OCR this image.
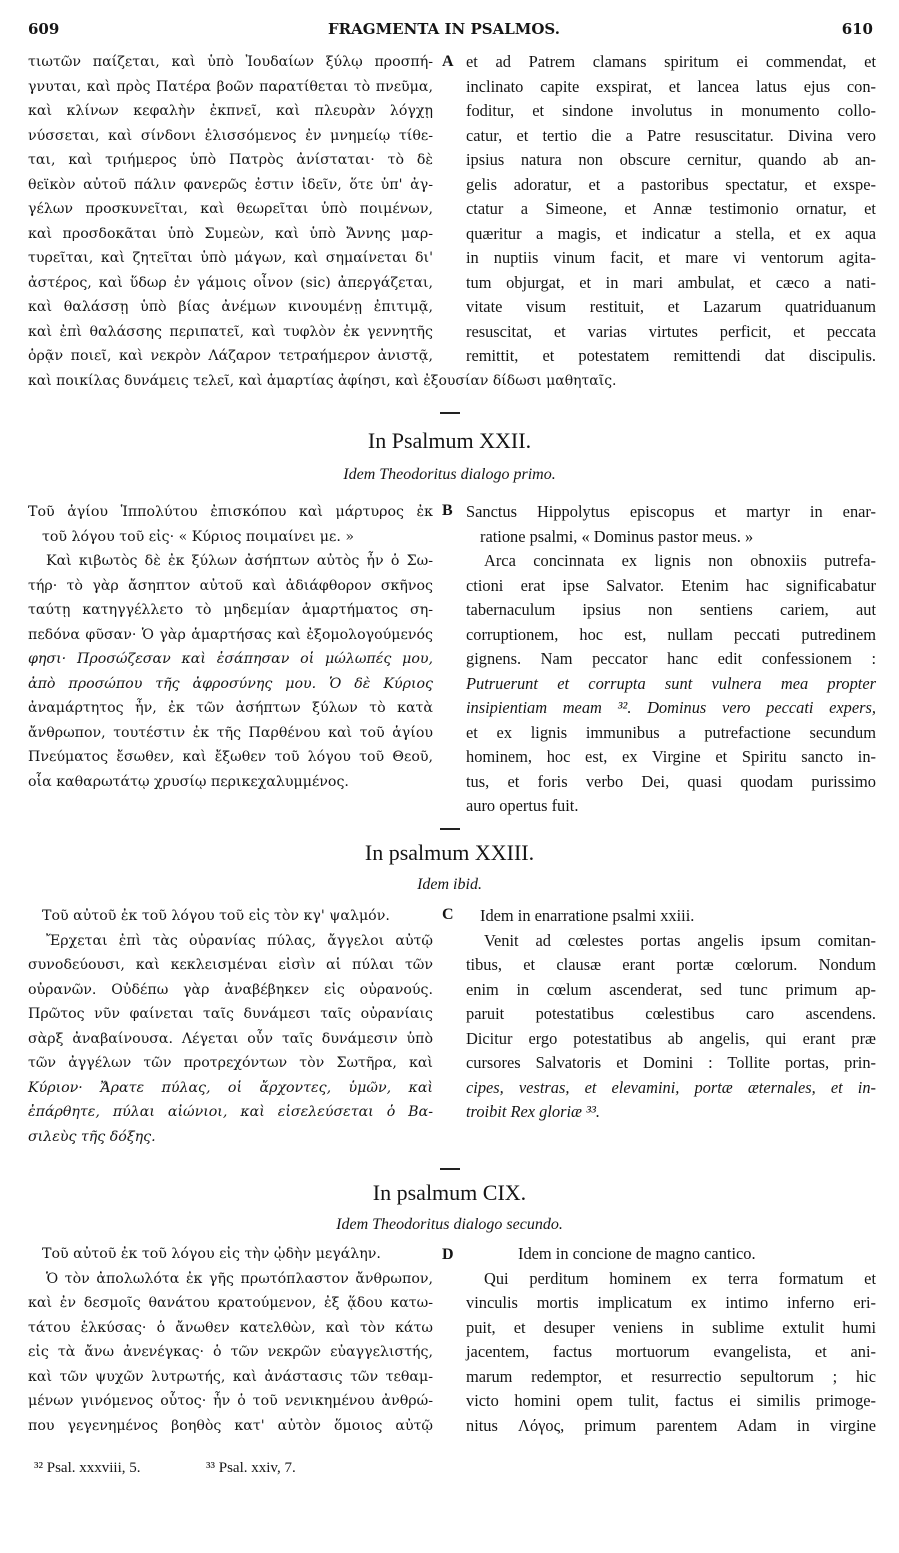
609	FRAGMENTA IN PSALMOS.	610
τιωτῶν παίζεται, καὶ ὑπὸ Ἰουδαίων ξύλῳ προσπή-
γνυται, καὶ πρὸς Πατέρα βοῶν παρατίθεται τὸ πνεῦμα,
καὶ κλίνων κεφαλὴν ἐκπνεῖ, καὶ πλευρὰν λόγχῃ
νύσσεται, καὶ σίνδονι ἑλισσόμενος ἐν μνημείῳ τίθε-
ται, καὶ τριήμερος ὑπὸ Πατρὸς ἀνίσταται· τὸ δὲ
θεϊκὸν αὐτοῦ πάλιν φανερῶς ἐστιν ἰδεῖν, ὅτε ὑπ' ἀγ-
γέλων προσκυνεῖται, καὶ θεωρεῖται ὑπὸ ποιμένων,
καὶ προσδοκᾶται ὑπὸ Συμεὼν, καὶ ὑπὸ Ἄννης μαρ-
τυρεῖται, καὶ ζητεῖται ὑπὸ μάγων, καὶ σημαίνεται δι'
ἀστέρος, καὶ ὕδωρ ἐν γάμοις οἶνον (sic) ἀπεργάζεται,
καὶ θαλάσσῃ ὑπὸ βίας ἀνέμων κινουμένῃ ἐπιτιμᾷ,
καὶ ἐπὶ θαλάσσης περιπατεῖ, καὶ τυφλὸν ἐκ γεννητῆς
ὁρᾷν ποιεῖ, καὶ νεκρὸν Λάζαρον τετραήμερον ἀνιστᾷ,
καὶ ποικίλας δυνάμεις τελεῖ, καὶ ἁμαρτίας ἀφίησι, καὶ ἐξουσίαν δίδωσι μαθηταῖς.
A et ad Patrem clamans spiritum ei commendat, et
inclinato capite exspirat, et lancea latus ejus con-
foditur, et sindone involutus in monumento collo-
catur, et tertio die a Patre resuscitatur. Divina vero
ipsius natura non obscure cernitur, quando ab an-
gelis adoratur, et a pastoribus spectatur, et exspe-
ctatur a Simeone, et Annæ testimonio ornatur, et
quæritur a magis, et indicatur a stella, et ex aqua
in nuptiis vinum facit, et mare vi ventorum agita-
tum objurgat, et in mari ambulat, et cæco a nati-
vitate visum restituit, et Lazarum quatriduanum
resuscitat, et varias virtutes perficit, et peccata
remittit, et potestatem remittendi dat discipulis.
In Psalmum XXII.
Idem Theodoritus dialogo primo.
Τοῦ ἁγίου Ἱππολύτου ἐπισκόπου καὶ μάρτυρος ἐκ
τοῦ λόγου τοῦ εἰς· « Κύριος ποιμαίνει με. »
Καὶ κιβωτὸς δὲ ἐκ ξύλων ἀσήπτων αὐτὸς ἦν ὁ Σω-
τήρ· τὸ γὰρ ἄσηπτον αὐτοῦ καὶ ἀδιάφθορον σκῆνος
ταύτῃ κατηγγέλλετο τὸ μηδεμίαν ἁμαρτήματος ση-
πεδόνα φῦσαν· Ὁ γὰρ ἁμαρτήσας καὶ ἐξομολογούμενός
φησι· Προσώζεσαν καὶ ἐσάπησαν οἱ μώλωπές μου,
ἀπὸ προσώπου τῆς ἀφροσύνης μου. Ὁ δὲ Κύριος
ἀναμάρτητος ἦν, ἐκ τῶν ἀσήπτων ξύλων τὸ κατὰ
ἄνθρωπον, τουτέστιν ἐκ τῆς Παρθένου καὶ τοῦ ἁγίου
Πνεύματος ἔσωθεν, καὶ ἔξωθεν τοῦ λόγου τοῦ Θεοῦ,
οἷα καθαρωτάτῳ χρυσίῳ περικεχαλυμμένος.
B Sanctus Hippolytus episcopus et martyr in enar-
ratione psalmi, « Dominus pastor meus. »
Arca concinnata ex lignis non obnoxiis putrefa-
ctioni erat ipse Salvator. Etenim hac significabatur
tabernaculum ipsius non sentiens cariem, aut
corruptionem, hoc est, nullam peccati putredinem
gignens. Nam peccator hanc edit confessionem :
Putruerunt et corrupta sunt vulnera mea propter
insipientiam meam ³². Dominus vero peccati expers,
et ex lignis immunibus a putrefactione secundum
hominem, hoc est, ex Virgine et Spiritu sancto in-
tus, et foris verbo Dei, quasi quodam purissimo
auro opertus fuit.
In psalmum XXIII.
Idem ibid.
Τοῦ αὐτοῦ ἐκ τοῦ λόγου τοῦ εἰς τὸν κγ' ψαλμόν.
Ἔρχεται ἐπὶ τὰς οὐρανίας πύλας, ἄγγελοι αὐτῷ
συνοδεύουσι, καὶ κεκλεισμέναι εἰσὶν αἱ πύλαι τῶν
οὐρανῶν. Οὐδέπω γὰρ ἀναβέβηκεν εἰς οὐρανούς.
Πρῶτος νῦν φαίνεται ταῖς δυνάμεσι ταῖς οὐρανίαις
σὰρξ ἀναβαίνουσα. Λέγεται οὖν ταῖς δυνάμεσιν ὑπὸ
τῶν ἀγγέλων τῶν προτρεχόντων τὸν Σωτῆρα, καὶ
Κύριον· Ἄρατε πύλας, οἱ ἄρχοντες, ὑμῶν, καὶ
ἐπάρθητε, πύλαι αἰώνιοι, καὶ εἰσελεύσεται ὁ Βα-
σιλεὺς τῆς δόξης.
C	Idem in enarratione psalmi xxiii.
Venit ad cœlestes portas angelis ipsum comitan-
tibus, et clausæ erant portæ cœlorum. Nondum
enim in cœlum ascenderat, sed tunc primum ap-
paruit potestatibus cœlestibus caro ascendens.
Dicitur ergo potestatibus ab angelis, qui erant præ
cursores Salvatoris et Domini : Tollite portas, prin-
cipes, vestras, et elevamini, portæ æternales, et in-
troibit Rex gloriæ ³³.
In psalmum CIX.
Idem Theodoritus dialogo secundo.
Τοῦ αὐτοῦ ἐκ τοῦ λόγου εἰς τὴν ᾠδὴν μεγάλην.
Ὁ τὸν ἀπολωλότα ἐκ γῆς πρωτόπλαστον ἄνθρωπον,
καὶ ἐν δεσμοῖς θανάτου κρατούμενον, ἐξ ᾅδου κατω-
τάτου ἑλκύσας· ὁ ἄνωθεν κατελθὼν, καὶ τὸν κάτω
εἰς τὰ ἄνω ἀνενέγκας· ὁ τῶν νεκρῶν εὐαγγελιστής,
καὶ τῶν ψυχῶν λυτρωτής, καὶ ἀνάστασις τῶν τεθαμ-
μένων γινόμενος οὗτος· ἦν ὁ τοῦ νενικημένου ἀνθρώ-
που γεγενημένος βοηθὸς κατ' αὐτὸν ὅμοιος αὐτῷ
D	Idem in concione de magno cantico.
Qui perditum hominem ex terra formatum et
vinculis mortis implicatum ex intimo inferno eri-
puit, et desuper veniens in sublime extulit humi
jacentem, factus mortuorum evangelista, et ani-
marum redemptor, et resurrectio sepultorum ; hic
victo homini opem tulit, factus ei similis primoge-
nitus Λόγος, primum parentem Adam in virgine
³² Psal. xxxviii, 5.	³³ Psal. xxiv, 7.
